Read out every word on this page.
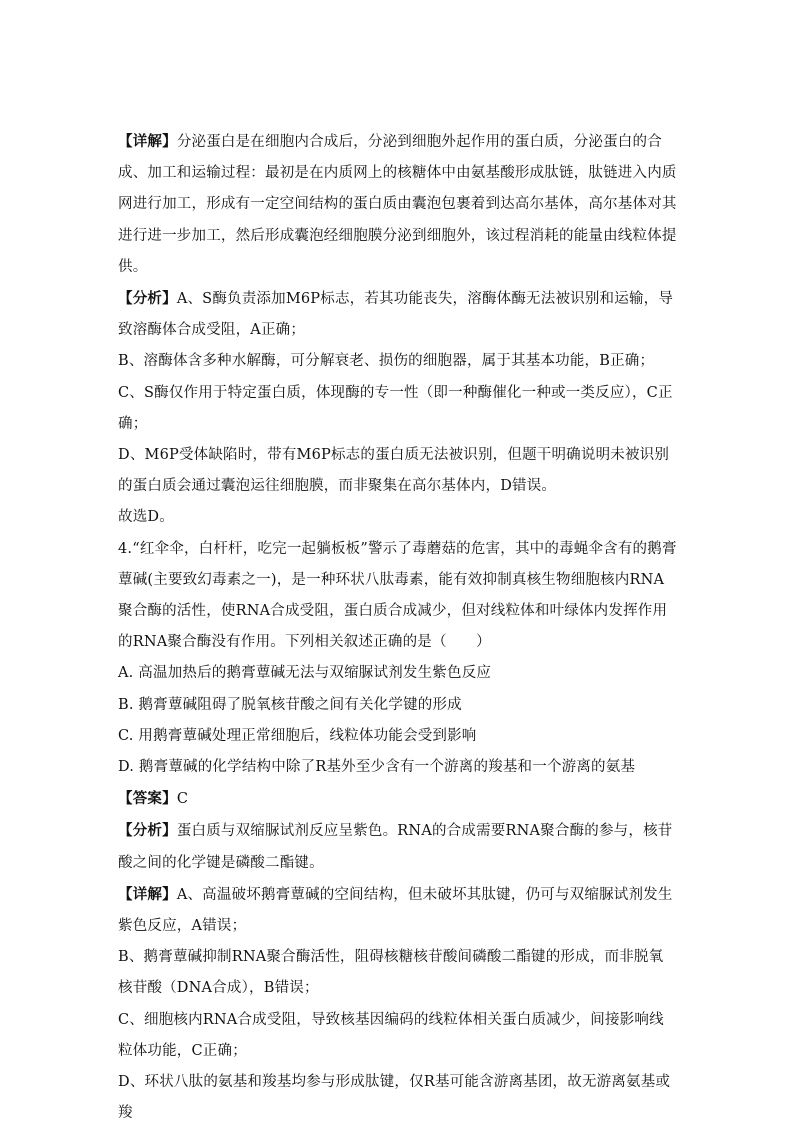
【详解】分泌蛋白是在细胞内合成后，分泌到细胞外起作用的蛋白质，分泌蛋白的合成、加工和运输过程：最初是在内质网上的核糖体中由氨基酸形成肽链，肽链进入内质网进行加工，形成有一定空间结构的蛋白质由囊泡包裹着到达高尔基体，高尔基体对其进行进一步加工，然后形成囊泡经细胞膜分泌到细胞外，该过程消耗的能量由线粒体提供。

【分析】A、S酶负责添加M6P标志，若其功能丧失，溶酶体酶无法被识别和运输，导致溶酶体合成受阻，A正确；

B、溶酶体含多种水解酶，可分解衰老、损伤的细胞器，属于其基本功能，B正确；

C、S酶仅作用于特定蛋白质，体现酶的专一性（即一种酶催化一种或一类反应），C正确；

D、M6P受体缺陷时，带有M6P标志的蛋白质无法被识别，但题干明确说明未被识别的蛋白质会通过囊泡运往细胞膜，而非聚集在高尔基体内，D错误。

故选D。

4.“红伞伞，白杆杆，吃完一起躺板板”警示了毒蘑菇的危害，其中的毒蝇伞含有的鹅膏蕈碱(主要致幻毒素之一)，是一种环状八肽毒素，能有效抑制真核生物细胞核内RNA聚合酶的活性，使RNA合成受阻，蛋白质合成减少，但对线粒体和叶绿体内发挥作用的RNA聚合酶没有作用。下列相关叙述正确的是（　　）

A. 高温加热后的鹅膏蕈碱无法与双缩脲试剂发生紫色反应

B. 鹅膏蕈碱阻碍了脱氧核苷酸之间有关化学键的形成

C. 用鹅膏蕈碱处理正常细胞后，线粒体功能会受到影响

D. 鹅膏蕈碱的化学结构中除了R基外至少含有一个游离的羧基和一个游离的氨基

【答案】C

【分析】蛋白质与双缩脲试剂反应呈紫色。RNA的合成需要RNA聚合酶的参与，核苷酸之间的化学键是磷酸二酯键。

【详解】A、高温破坏鹅膏蕈碱的空间结构，但未破坏其肽键，仍可与双缩脲试剂发生紫色反应，A错误；

B、鹅膏蕈碱抑制RNA聚合酶活性，阻碍核糖核苷酸间磷酸二酯键的形成，而非脱氧核苷酸（DNA合成），B错误；

C、细胞核内RNA合成受阻，导致核基因编码的线粒体相关蛋白质减少，间接影响线粒体功能，C正确；

D、环状八肽的氨基和羧基均参与形成肽键，仅R基可能含游离基团，故无游离氨基或羧
